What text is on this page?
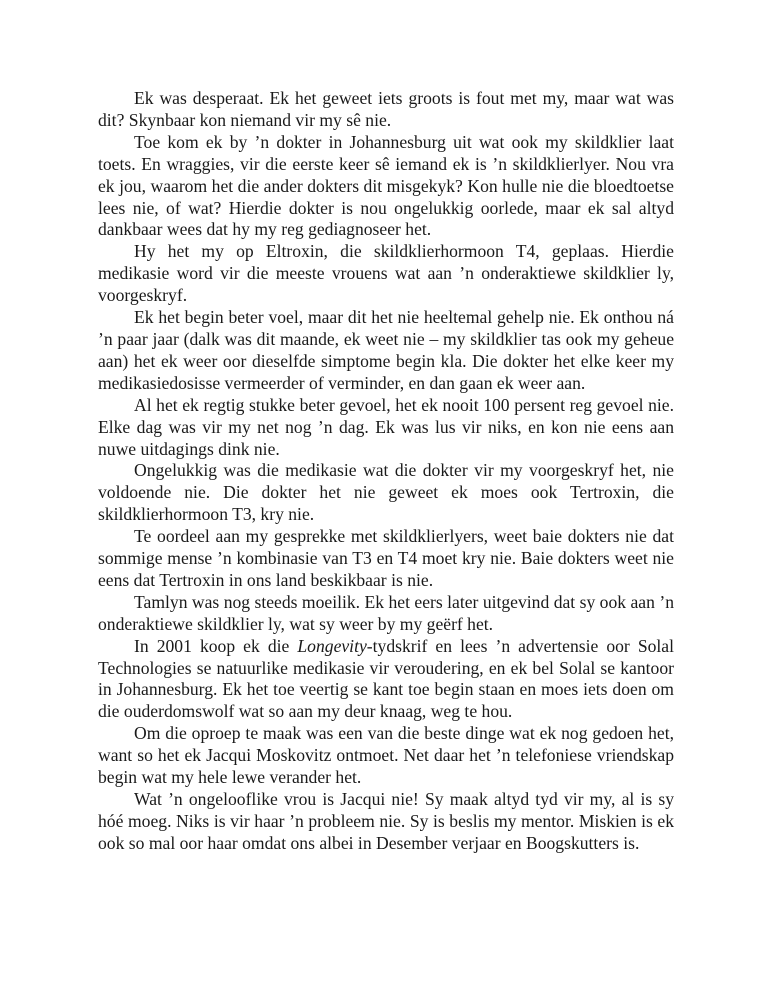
Ek was desperaat. Ek het geweet iets groots is fout met my, maar wat was dit? Skynbaar kon niemand vir my sê nie.

Toe kom ek by ’n dokter in Johannesburg uit wat ook my skildklier laat toets. En wraggies, vir die eerste keer sê iemand ek is ’n skildklierlyer. Nou vra ek jou, waarom het die ander dokters dit misgekyk? Kon hulle nie die bloedtoetse lees nie, of wat? Hierdie dokter is nou ongelukkig oorlede, maar ek sal altyd dankbaar wees dat hy my reg gediagnoseer het.

Hy het my op Eltroxin, die skildklierhormoon T4, geplaas. Hierdie medikasie word vir die meeste vrouens wat aan ’n onderaktiewe skildklier ly, voorgeskryf.

Ek het begin beter voel, maar dit het nie heeltemal gehelp nie. Ek onthou ná ’n paar jaar (dalk was dit maande, ek weet nie – my skildklier tas ook my geheue aan) het ek weer oor dieselfde simptome begin kla. Die dokter het elke keer my medikasiedosisse vermeerder of verminder, en dan gaan ek weer aan.

Al het ek regtig stukke beter gevoel, het ek nooit 100 persent reg gevoel nie. Elke dag was vir my net nog ’n dag. Ek was lus vir niks, en kon nie eens aan nuwe uitdagings dink nie.

Ongelukkig was die medikasie wat die dokter vir my voorgeskryf het, nie voldoende nie. Die dokter het nie geweet ek moes ook Tertroxin, die skildklierhormoon T3, kry nie.

Te oordeel aan my gesprekke met skildklierlyers, weet baie dokters nie dat sommige mense ’n kombinasie van T3 en T4 moet kry nie. Baie dokters weet nie eens dat Tertroxin in ons land beskikbaar is nie.

Tamlyn was nog steeds moeilik. Ek het eers later uitgevind dat sy ook aan ’n onderaktiewe skildklier ly, wat sy weer by my geërf het.

In 2001 koop ek die Longevity-tydskrif en lees ’n advertensie oor Solal Technologies se natuurlike medikasie vir veroudering, en ek bel Solal se kantoor in Johannesburg. Ek het toe veertig se kant toe begin staan en moes iets doen om die ouderdomswolf wat so aan my deur knaag, weg te hou.

Om die oproep te maak was een van die beste dinge wat ek nog gedoen het, want so het ek Jacqui Moskovitz ontmoet. Net daar het ’n telefoniese vriendskap begin wat my hele lewe verander het.

Wat ’n ongelooflike vrou is Jacqui nie! Sy maak altyd tyd vir my, al is sy hóé moeg. Niks is vir haar ’n probleem nie. Sy is beslis my mentor. Miskien is ek ook so mal oor haar omdat ons albei in Desember verjaar en Boogskutters is.
